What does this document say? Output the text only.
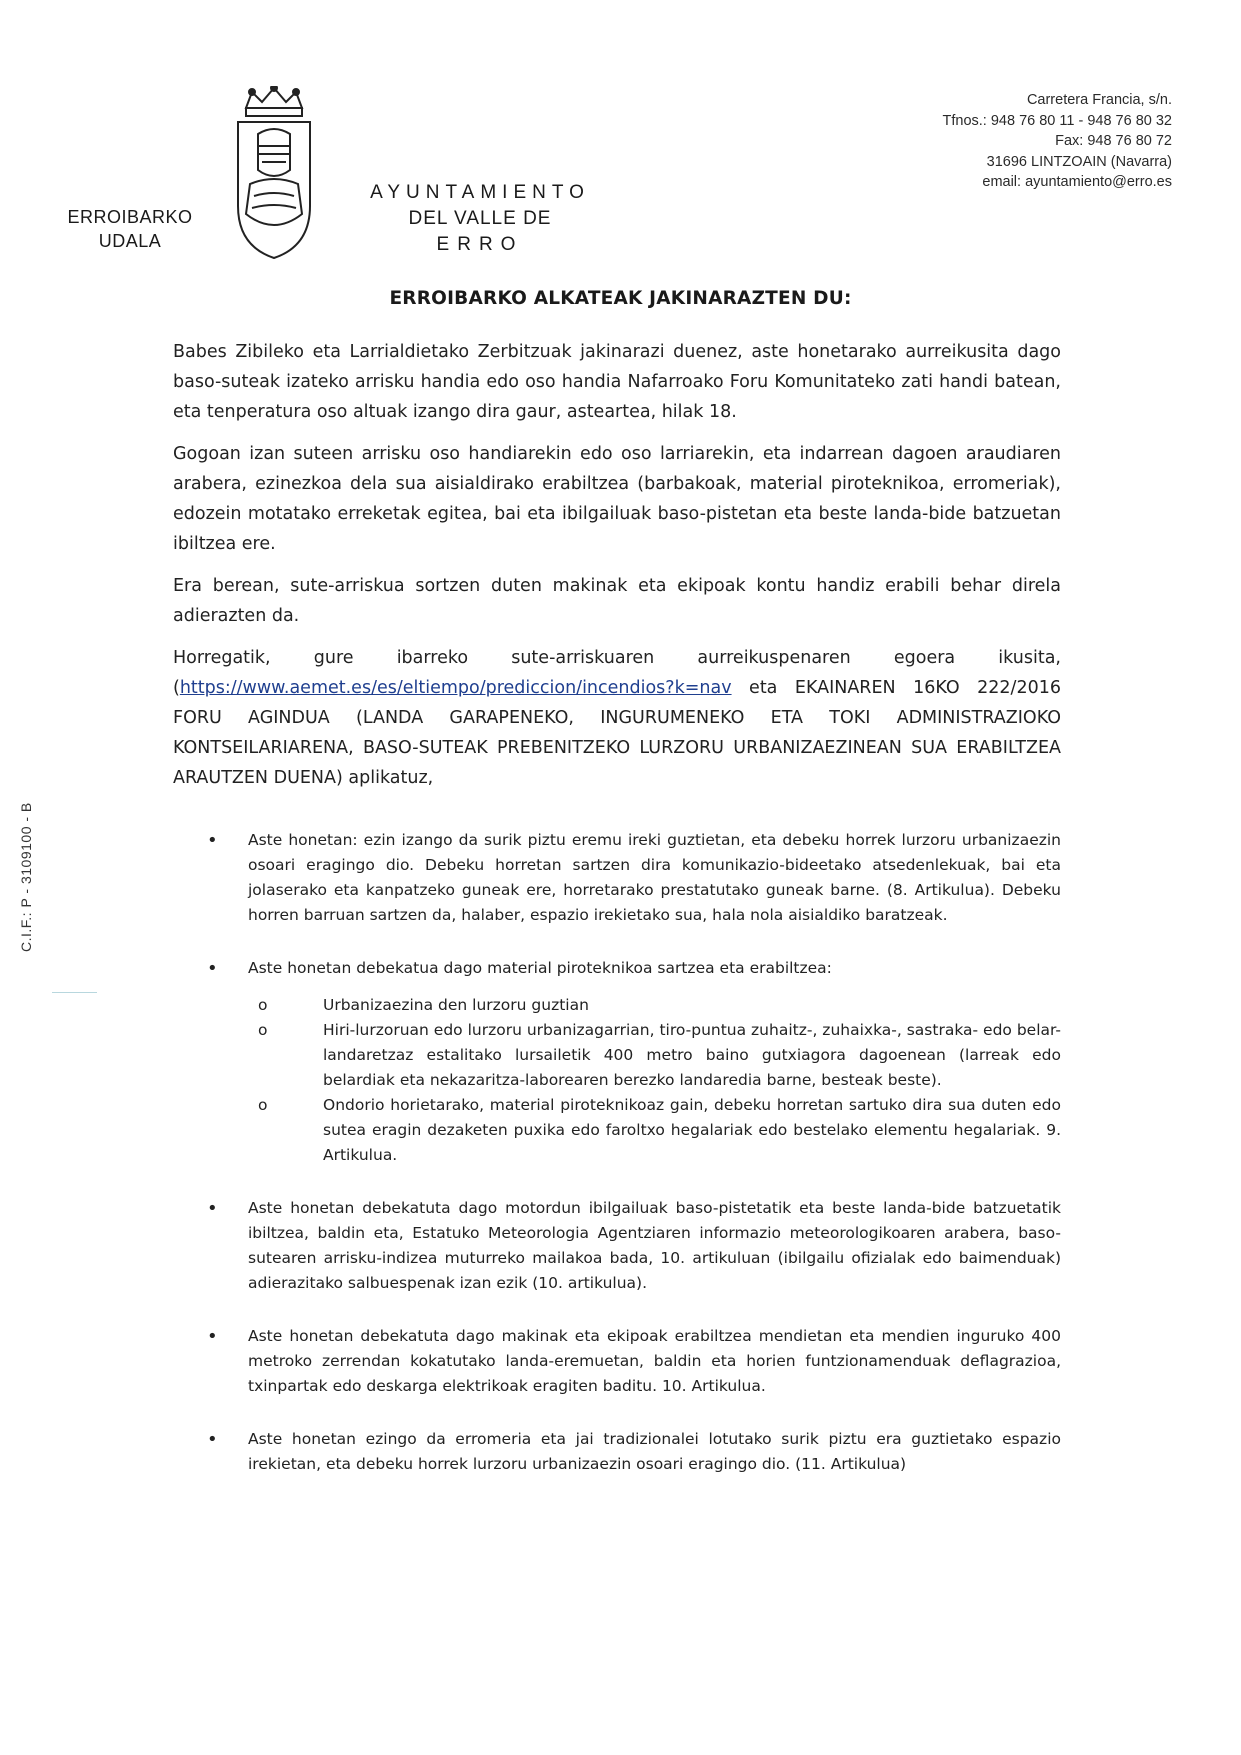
ERROIBARKO
UDALA
AYUNTAMIENTO
DEL VALLE DE
ERRO
Carretera Francia, s/n.
Tfnos.: 948 76 80 11 - 948 76 80 32
Fax: 948 76 80 72
31696 LINTZOAIN (Navarra)
email: ayuntamiento@erro.es
C.I.F.: P - 3109100 - B
ERROIBARKO ALKATEAK JAKINARAZTEN DU:

Babes Zibileko eta Larrialdietako Zerbitzuak jakinarazi duenez, aste honetarako aurreikusita dago baso-suteak izateko arrisku handia edo oso handia Nafarroako Foru Komunitateko zati handi batean, eta tenperatura oso altuak izango dira gaur, asteartea, hilak 18.

Gogoan izan suteen arrisku oso handiarekin edo oso larriarekin, eta indarrean dagoen araudiaren arabera, ezinezkoa dela sua aisialdirako erabiltzea (barbakoak, material piroteknikoa, erromeriak), edozein motatako erreketak egitea, bai eta ibilgailuak baso-pistetan eta beste landa-bide batzuetan ibiltzea ere.

Era berean, sute-arriskua sortzen duten makinak eta ekipoak kontu handiz erabili behar direla adierazten da.

Horregatik, gure ibarreko sute-arriskuaren aurreikuspenaren egoera ikusita, (https://www.aemet.es/es/eltiempo/prediccion/incendios?k=nav eta EKAINAREN 16KO 222/2016 FORU AGINDUA (LANDA GARAPENEKO, INGURUMENEKO ETA TOKI ADMINISTRAZIOKO KONTSEILARIARENA, BASO-SUTEAK PREBENITZEKO LURZORU URBANIZAEZINEAN SUA ERABILTZEA ARAUTZEN DUENA) aplikatuz,

• Aste honetan: ezin izango da surik piztu eremu ireki guztietan, eta debeku horrek lurzoru urbanizaezin osoari eragingo dio. Debeku horretan sartzen dira komunikazio-bideetako atsedenlekuak, bai eta jolaserako eta kanpatzeko guneak ere, horretarako prestatutako guneak barne. (8. Artikulua). Debeku horren barruan sartzen da, halaber, espazio irekietako sua, hala nola aisialdiko baratzeak.
• Aste honetan debekatua dago material piroteknikoa sartzea eta erabiltzea:
o	Urbanizaezina den lurzoru guztian
o	Hiri-lurzoruan edo lurzoru urbanizagarrian, tiro-puntua zuhaitz-, zuhaixka-, sastraka- edo belar-landaretzaz estalitako lursailetik 400 metro baino gutxiagora dagoenean (larreak edo belardiak eta nekazaritza-laborearen berezko landaredia barne, besteak beste).
o	Ondorio horietarako, material piroteknikoaz gain, debeku horretan sartuko dira sua duten edo sutea eragin dezaketen puxika edo faroltxo hegalariak edo bestelako elementu hegalariak. 9. Artikulua.
• Aste honetan debekatuta dago motordun ibilgailuak baso-pistetatik eta beste landa-bide batzuetatik ibiltzea, baldin eta, Estatuko Meteorologia Agentziaren informazio meteorologikoaren arabera, baso-sutearen arrisku-indizea muturreko mailakoa bada, 10. artikuluan (ibilgailu ofizialak edo baimenduak) adierazitako salbuespenak izan ezik (10. artikulua).
• Aste honetan debekatuta dago makinak eta ekipoak erabiltzea mendietan eta mendien inguruko 400 metroko zerrendan kokatutako landa-eremuetan, baldin eta horien funtzionamenduak deflagrazioa, txinpartak edo deskarga elektrikoak eragiten baditu. 10. Artikulua.
• Aste honetan ezingo da erromeria eta jai tradizionalei lotutako surik piztu era guztietako espazio irekietan, eta debeku horrek lurzoru urbanizaezin osoari eragingo dio. (11. Artikulua)
